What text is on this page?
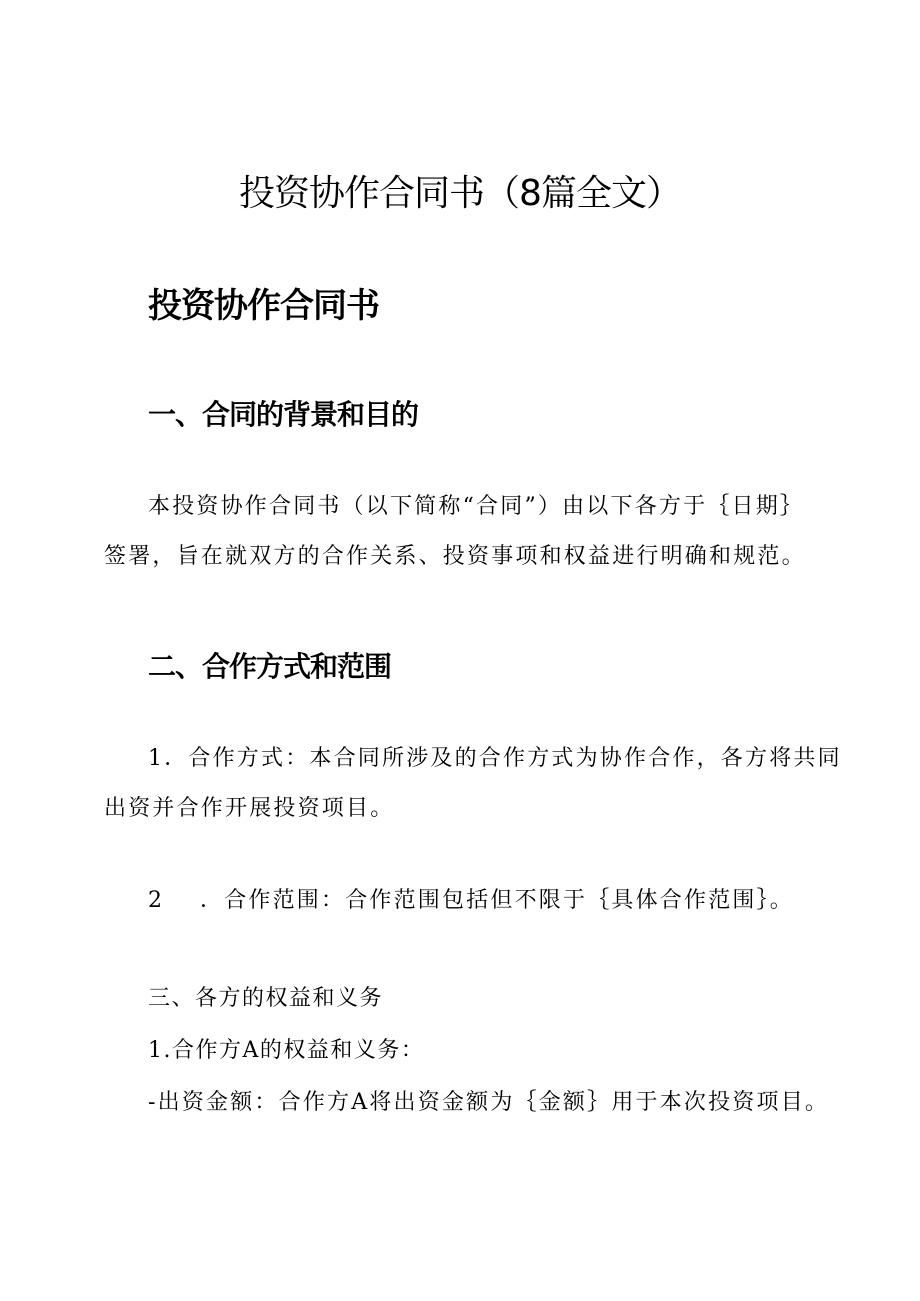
投资协作合同书（8篇全文）
投资协作合同书
一、合同的背景和目的

本投资协作合同书（以下简称“合同”）由以下各方于｛日期｝

签署，旨在就双方的合作关系、投资事项和权益进行明确和规范。

二、合作方式和范围

1．合作方式：本合同所涉及的合作方式为协作合作，各方将共同

出资并合作开展投资项目。

2 ．合作范围：合作范围包括但不限于｛具体合作范围｝。

三、各方的权益和义务

1.合作方A的权益和义务：

-出资金额：合作方A将出资金额为｛金额｝用于本次投资项目。
